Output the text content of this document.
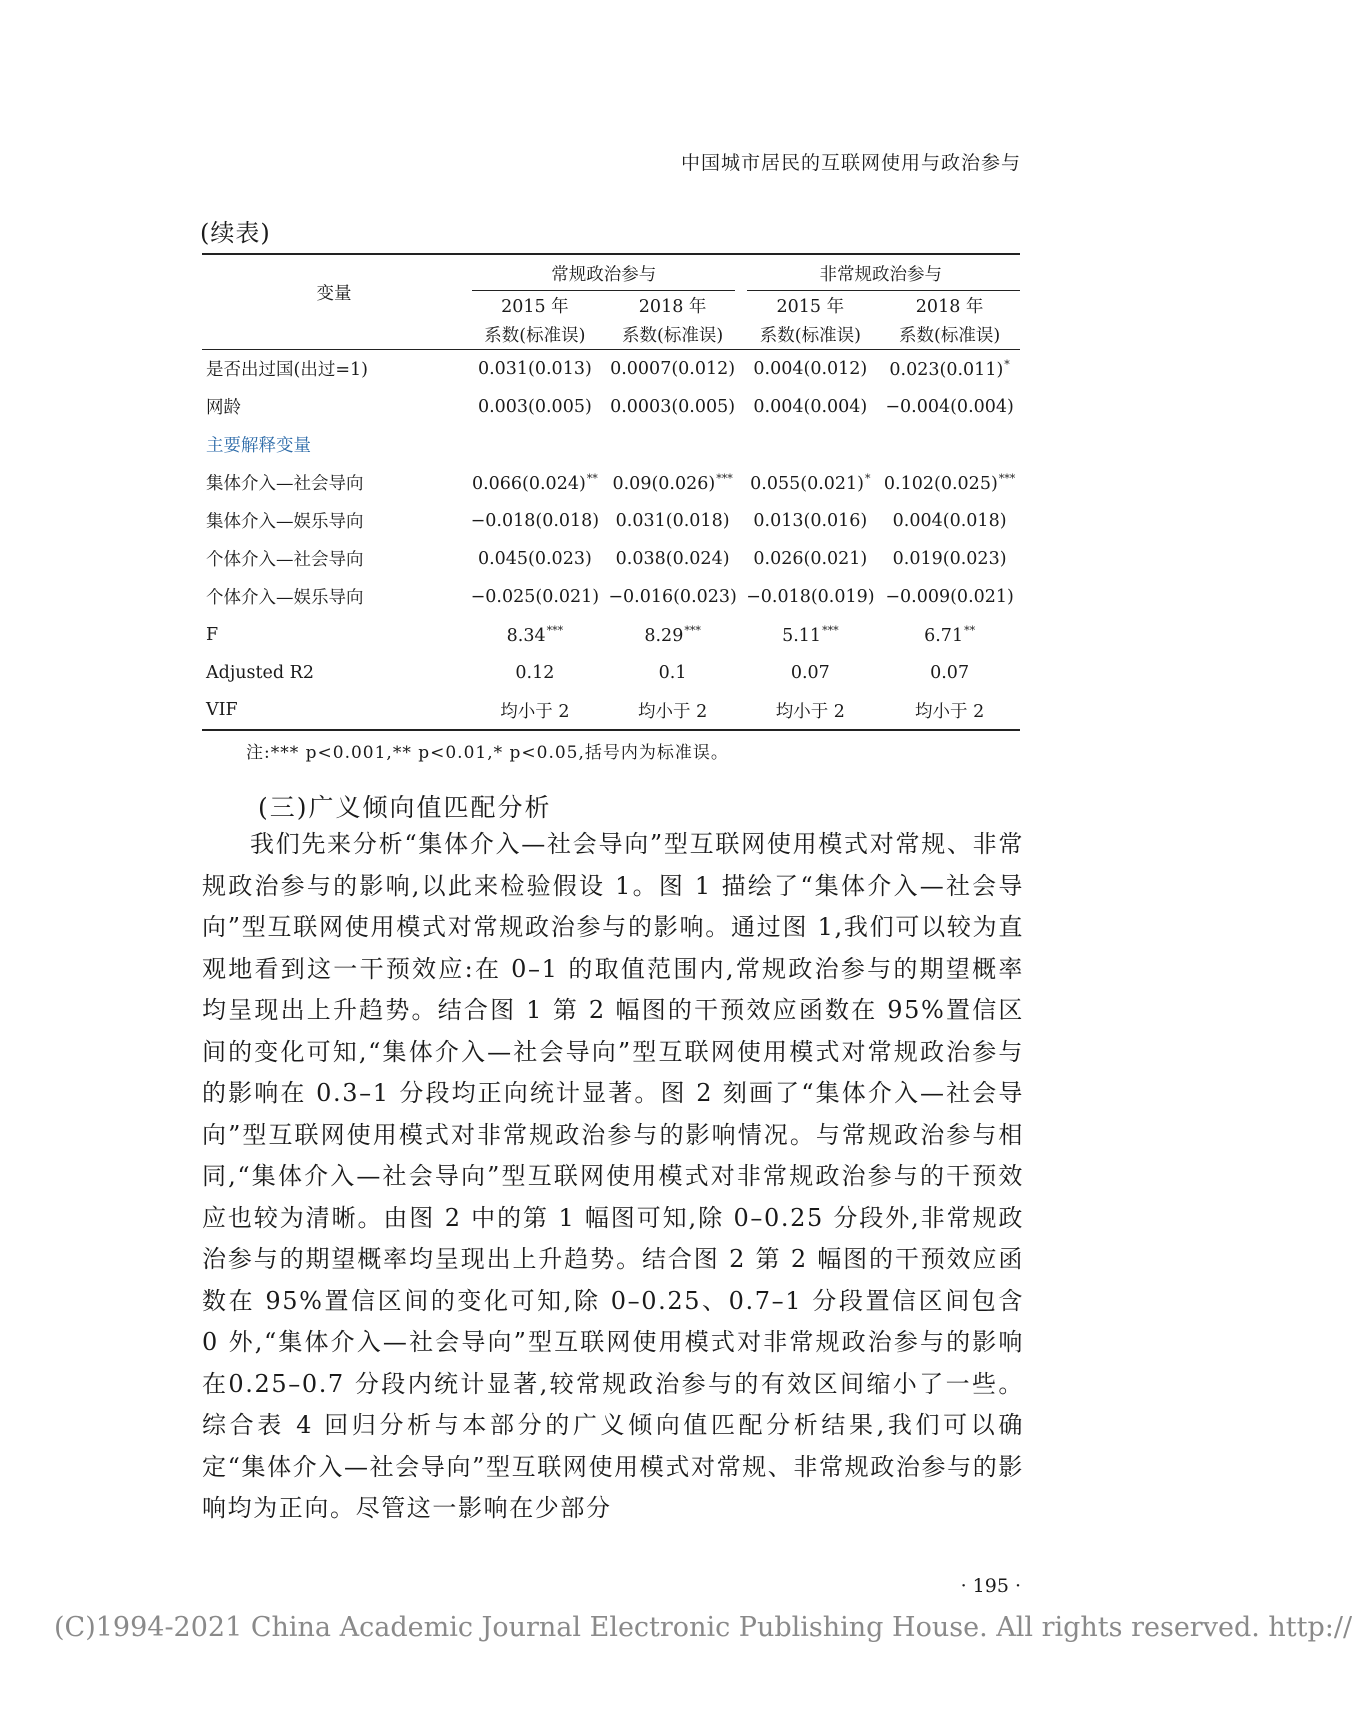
中国城市居民的互联网使用与政治参与
(续表)
变量	常规政治参与		非常规政治参与	

	2015 年	2018 年	2015 年	2018 年
	系数(标准误)	系数(标准误)	系数(标准误)	系数(标准误)
是否出过国(出过=1)	0.031(0.013)	0.0007(0.012)	0.004(0.012)	0.023(0.011)*
网龄	0.003(0.005)	0.0003(0.005)	0.004(0.004)	−0.004(0.004)
主要解释变量				
集体介入—社会导向	0.066(0.024)**	0.09(0.026)***	0.055(0.021)*	0.102(0.025)***
集体介入—娱乐导向	−0.018(0.018)	0.031(0.018)	0.013(0.016)	0.004(0.018)
个体介入—社会导向	0.045(0.023)	0.038(0.024)	0.026(0.021)	0.019(0.023)
个体介入—娱乐导向	−0.025(0.021)	−0.016(0.023)	−0.018(0.019)	−0.009(0.021)
F	8.34***	8.29***	5.11***	6.71**
Adjusted R2	0.12	0.1	0.07	0.07
VIF	均小于 2	均小于 2	均小于 2	均小于 2
注:*** p<0.001,** p<0.01,* p<0.05,括号内为标准误。
(三)广义倾向值匹配分析

我们先来分析“集体介入—社会导向”型互联网使用模式对常规、非常规政治参与的影响,以此来检验假设 1。图 1 描绘了“集体介入—社会导向”型互联网使用模式对常规政治参与的影响。通过图 1,我们可以较为直观地看到这一干预效应:在 0–1 的取值范围内,常规政治参与的期望概率均呈现出上升趋势。结合图 1 第 2 幅图的干预效应函数在 95%置信区间的变化可知,“集体介入—社会导向”型互联网使用模式对常规政治参与的影响在 0.3–1 分段均正向统计显著。图 2 刻画了“集体介入—社会导向”型互联网使用模式对非常规政治参与的影响情况。与常规政治参与相同,“集体介入—社会导向”型互联网使用模式对非常规政治参与的干预效应也较为清晰。由图 2 中的第 1 幅图可知,除 0–0.25 分段外,非常规政治参与的期望概率均呈现出上升趋势。结合图 2 第 2 幅图的干预效应函数在 95%置信区间的变化可知,除 0–0.25、0.7–1 分段置信区间包含 0 外,“集体介入—社会导向”型互联网使用模式对非常规政治参与的影响在0.25–0.7 分段内统计显著,较常规政治参与的有效区间缩小了一些。综合表 4 回归分析与本部分的广义倾向值匹配分析结果,我们可以确定“集体介入—社会导向”型互联网使用模式对常规、非常规政治参与的影响均为正向。尽管这一影响在少部分

· 195 ·
(C)1994-2021 China Academic Journal Electronic Publishing House. All rights reserved. http://
